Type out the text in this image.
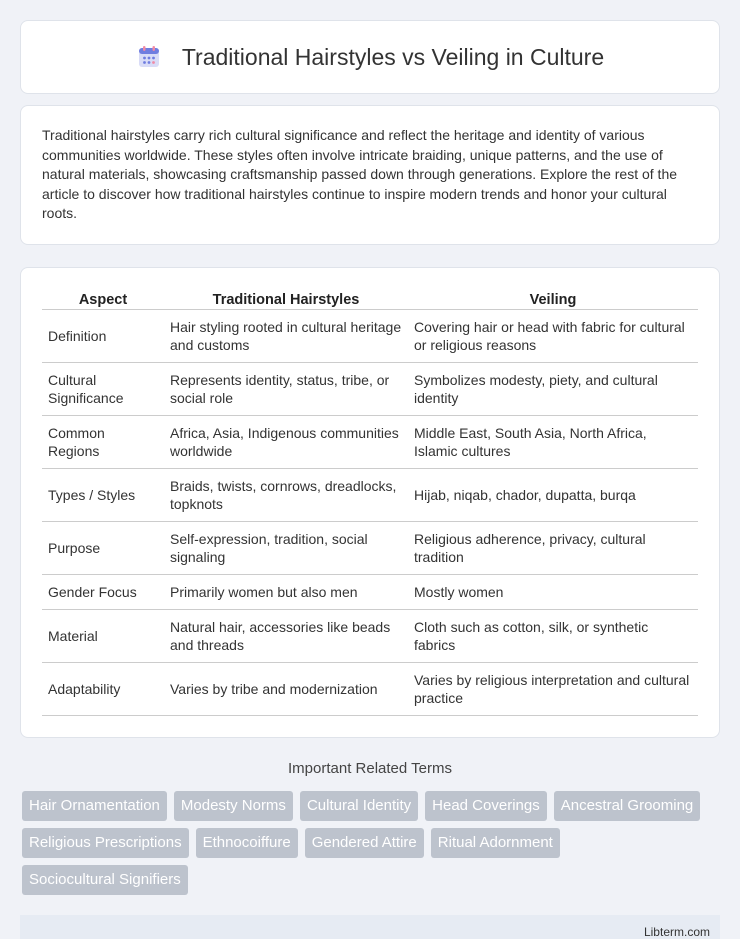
Traditional Hairstyles vs Veiling in Culture

Traditional hairstyles carry rich cultural significance and reflect the heritage and identity of various communities worldwide. These styles often involve intricate braiding, unique patterns, and the use of natural materials, showcasing craftsmanship passed down through generations. Explore the rest of the article to discover how traditional hairstyles continue to inspire modern trends and honor your cultural roots.

Aspect	Traditional Hairstyles	Veiling
Definition	Hair styling rooted in cultural heritage and customs	Covering hair or head with fabric for cultural or religious reasons
Cultural Significance	Represents identity, status, tribe, or social role	Symbolizes modesty, piety, and cultural identity
Common Regions	Africa, Asia, Indigenous communities worldwide	Middle East, South Asia, North Africa, Islamic cultures
Types / Styles	Braids, twists, cornrows, dreadlocks, topknots	Hijab, niqab, chador, dupatta, burqa
Purpose	Self-expression, tradition, social signaling	Religious adherence, privacy, cultural tradition
Gender Focus	Primarily women but also men	Mostly women
Material	Natural hair, accessories like beads and threads	Cloth such as cotton, silk, or synthetic fabrics
Adaptability	Varies by tribe and modernization	Varies by religious interpretation and cultural practice
Important Related Terms
Hair Ornamentation	Modesty Norms	Cultural Identity	Head Coverings	Ancestral Grooming
Religious Prescriptions	Ethnocoiffure	Gendered Attire	Ritual Adornment
Sociocultural Signifiers
Libterm.com
